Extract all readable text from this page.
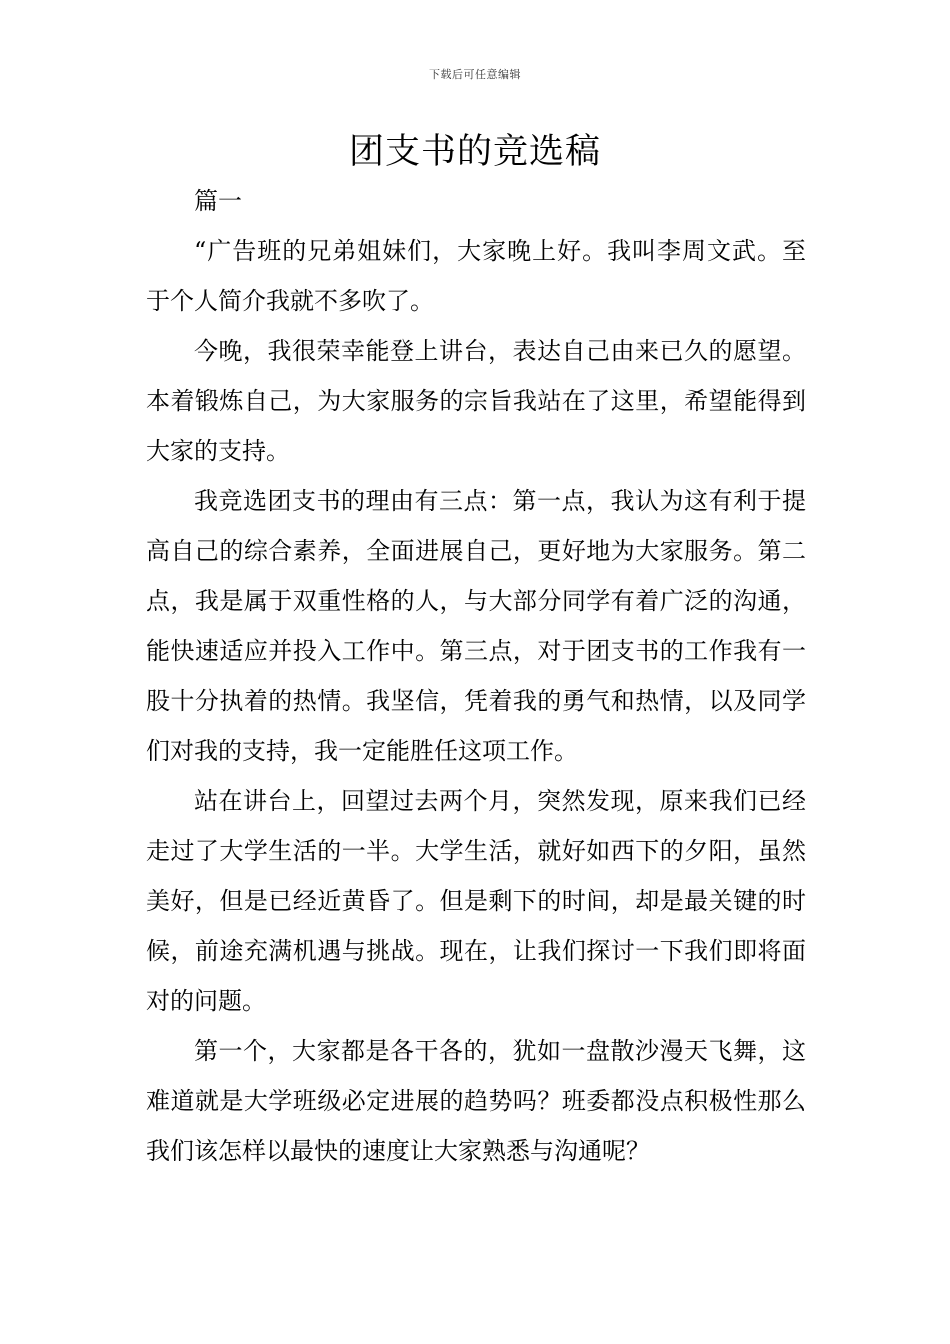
下载后可任意编辑
团支书的竞选稿

篇一

“广告班的兄弟姐妹们，大家晚上好。我叫李周文武。至于个人简介我就不多吹了。

今晚，我很荣幸能登上讲台，表达自己由来已久的愿望。本着锻炼自己，为大家服务的宗旨我站在了这里，希望能得到大家的支持。

我竞选团支书的理由有三点：第一点，我认为这有利于提高自己的综合素养，全面进展自己，更好地为大家服务。第二点，我是属于双重性格的人，与大部分同学有着广泛的沟通，能快速适应并投入工作中。第三点，对于团支书的工作我有一股十分执着的热情。我坚信，凭着我的勇气和热情，以及同学们对我的支持，我一定能胜任这项工作。

站在讲台上，回望过去两个月，突然发现，原来我们已经走过了大学生活的一半。大学生活，就好如西下的夕阳，虽然美好，但是已经近黄昏了。但是剩下的时间，却是最关键的时候，前途充满机遇与挑战。现在，让我们探讨一下我们即将面对的问题。

第一个，大家都是各干各的，犹如一盘散沙漫天飞舞，这难道就是大学班级必定进展的趋势吗？班委都没点积极性那么我们该怎样以最快的速度让大家熟悉与沟通呢？
